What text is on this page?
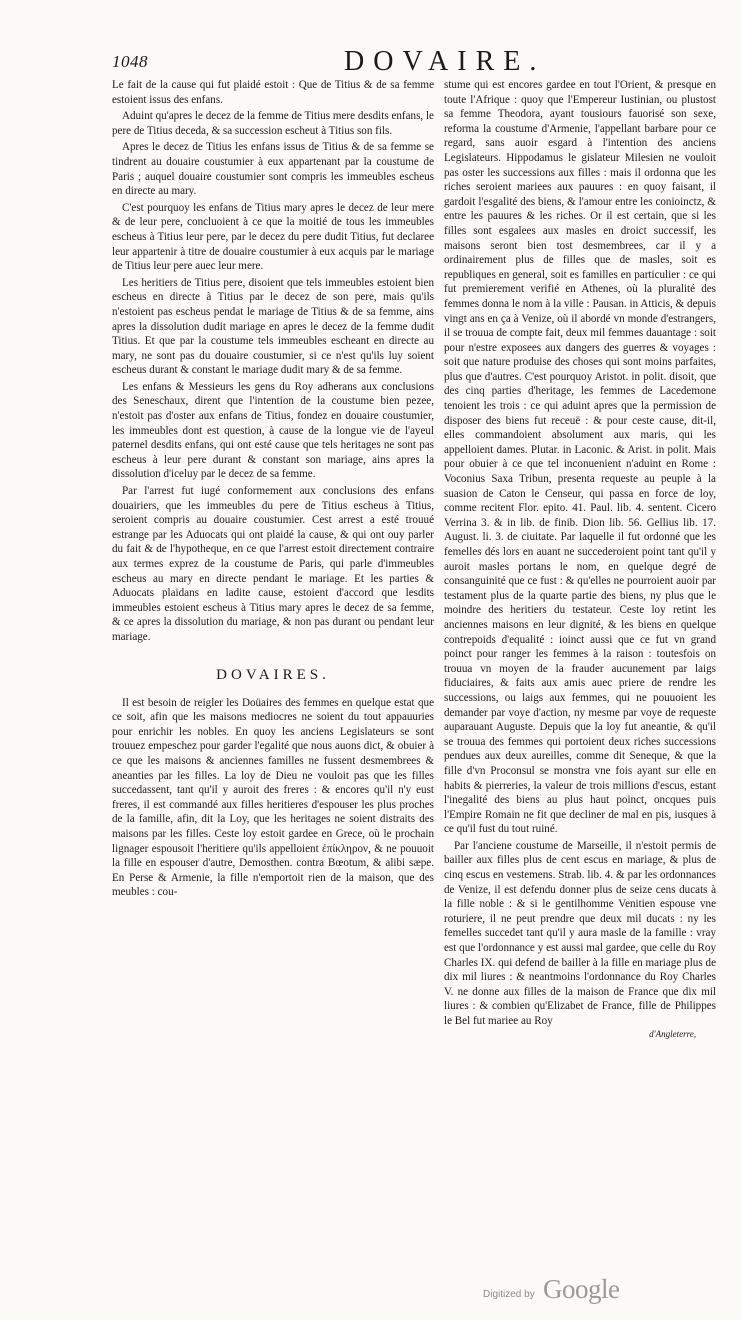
1048	DOVAIRE.

Le fait de la cause qui fut plaidé estoit : Que de Titius & de sa femme estoient issus des enfans.

Aduint qu'apres le decez de la femme de Titius mere desdits enfans, le pere de Titius deceda, & sa succession escheut à Titius son fils.

Apres le decez de Titius les enfans issus de Titius & de sa femme se tindrent au douaire coustumier à eux appartenant par la coustume de Paris ; auquel douaire coustumier sont compris les immeubles escheus en directe au mary.

C'est pourquoy les enfans de Titius mary apres le decez de leur mere & de leur pere, concluoient à ce que la moitié de tous les immeubles escheus à Titius leur pere, par le decez du pere dudit Titius, fut declaree leur appartenir à titre de douaire coustumier à eux acquis par le mariage de Titius leur pere auec leur mere.

Les heritiers de Titius pere, disoient que tels immeubles estoient bien escheus en directe à Titius par le decez de son pere, mais qu'ils n'estoient pas escheus pendat le mariage de Titius & de sa femme, ains apres la dissolution dudit mariage en apres le decez de la femme dudit Titius. Et que par la coustume tels immeubles escheant en directe au mary, ne sont pas du douaire coustumier, si ce n'est qu'ils luy soient escheus durant & constant le mariage dudit mary & de sa femme.

Les enfans & Messieurs les gens du Roy adherans aux conclusions des Seneschaux, dirent que l'intention de la coustume bien pezee, n'estoit pas d'oster aux enfans de Titius, fondez en douaire coustumier, les immeubles dont est question, à cause de la longue vie de l'ayeul paternel desdits enfans, qui ont esté cause que tels heritages ne sont pas escheus à leur pere durant & constant son mariage, ains apres la dissolution d'iceluy par le decez de sa femme.

Par l'arrest fut iugé conformement aux conclusions des enfans douairiers, que les immeubles du pere de Titius escheus à Titius, seroient compris au douaire coustumier. Cest arrest a esté trouué estrange par les Aduocats qui ont plaidé la cause, & qui ont ouy parler du fait & de l'hypotheque, en ce que l'arrest estoit directement contraire aux termes exprez de la coustume de Paris, qui parle d'immeubles escheus au mary en directe pendant le mariage. Et les parties & Aduocats plaidans en ladite cause, estoient d'accord que lesdits immeubles estoient escheus à Titius mary apres le decez de sa femme, & ce apres la dissolution du mariage, & non pas durant ou pendant leur mariage.

DOVAIRES.

Il est besoin de reigler les Doüaires des femmes en quelque estat que ce soit, afin que les maisons mediocres ne soient du tout appauuries pour enrichir les nobles. En quoy les anciens Legislateurs se sont trouuez empeschez pour garder l'egalité que nous auons dict, & obuier à ce que les maisons & anciennes familles ne fussent desmembrees & aneanties par les filles. La loy de Dieu ne vouloit pas que les filles succedassent, tant qu'il y auroit des freres : & encores qu'il n'y eust freres, il est commandé aux filles heritieres d'espouser les plus proches de la famille, afin, dit la Loy, que les heritages ne soient distraits des maisons par les filles. Ceste loy estoit gardee en Grece, où le prochain lignager espousoit l'heritiere qu'ils appelloient ἐπίκληρον, & ne pouuoit la fille en espouser d'autre, Demosthen. contra Bœotum, & alibi sæpe. En Perse & Armenie, la fille n'emportoit rien de la maison, que des meubles : cou-

stume qui est encores gardee en tout l'Orient, & presque en toute l'Afrique : quoy que l'Empereur Iustinian, ou plustost sa femme Theodora, ayant tousiours fauorisé son sexe, reforma la coustume d'Armenie, l'appellant barbare pour ce regard, sans auoir esgard à l'intention des anciens Legislateurs. Hippodamus le gislateur Milesien ne vouloit pas oster les successions aux filles : mais il ordonna que les riches seroient mariees aux pauures : en quoy faisant, il gardoit l'esgalité des biens, & l'amour entre les conioinctz, & entre les pauures & les riches. Or il est certain, que si les filles sont esgalees aux masles en droict successif, les maisons seront bien tost desmembrees, car il y a ordinairement plus de filles que de masles, soit es republiques en general, soit es familles en particulier : ce qui fut premierement verifié en Athenes, où la pluralité des femmes donna le nom à la ville : Pausan. in Atticis, & depuis vingt ans en ça à Venize, où il abordé vn monde d'estrangers, il se trouua de compte fait, deux mil femmes dauantage : soit pour n'estre exposees aux dangers des guerres & voyages : soit que nature produise des choses qui sont moins parfaites, plus que d'autres. C'est pourquoy Aristot. in polit. disoit, que des cinq parties d'heritage, les femmes de Lacedemone tenoient les trois : ce qui aduint apres que la permission de disposer des biens fut receuë : & pour ceste cause, dit-il, elles commandoient absolument aux maris, qui les appelloient dames. Plutar. in Laconic. & Arist. in polit. Mais pour obuier à ce que tel inconuenient n'aduint en Rome : Voconius Saxa Tribun, presenta requeste au peuple à la suasion de Caton le Censeur, qui passa en force de loy, comme recitent Flor. epito. 41. Paul. lib. 4. sentent. Cicero Verrina 3. & in lib. de finib. Dion lib. 56. Gellius lib. 17. August. li. 3. de ciuitate. Par laquelle il fut ordonné que les femelles dés lors en auant ne succederoient point tant qu'il y auroit masles portans le nom, en quelque degré de consanguinité que ce fust : & qu'elles ne pourroient auoir par testament plus de la quarte partie des biens, ny plus que le moindre des heritiers du testateur. Ceste loy retint les anciennes maisons en leur dignité, & les biens en quelque contrepoids d'equalité : ioinct aussi que ce fut vn grand poinct pour ranger les femmes à la raison : toutesfois on trouua vn moyen de la frauder aucunement par laigs fiduciaires, & faits aux amis auec priere de rendre les successions, ou laigs aux femmes, qui ne pouuoient les demander par voye d'action, ny mesme par voye de requeste auparauant Auguste. Depuis que la loy fut aneantie, & qu'il se trouua des femmes qui portoient deux riches successions pendues aux deux aureilles, comme dit Seneque, & que la fille d'vn Proconsul se monstra vne fois ayant sur elle en habits & pierreries, la valeur de trois millions d'escus, estant l'inegalité des biens au plus haut poinct, oncques puis l'Empire Romain ne fit que decliner de mal en pis, iusques à ce qu'il fust du tout ruiné.

Par l'anciene coustume de Marseille, il n'estoit permis de bailler aux filles plus de cent escus en mariage, & plus de cinq escus en vestemens. Strab. lib. 4. & par les ordonnances de Venize, il est defendu donner plus de seize cens ducats à la fille noble : & si le gentilhomme Venitien espouse vne roturiere, il ne peut prendre que deux mil ducats : ny les femelles succedet tant qu'il y aura masle de la famille : vray est que l'ordonnance y est aussi mal gardee, que celle du Roy Charles IX. qui defend de bailler à la fille en mariage plus de dix mil liures : & neantmoins l'ordonnance du Roy Charles V. ne donne aux filles de la maison de France que dix mil liures : & combien qu'Elizabet de France, fille de Philippes le Bel fut mariee au Roy

d'Angleterre,
Digitized by Google
